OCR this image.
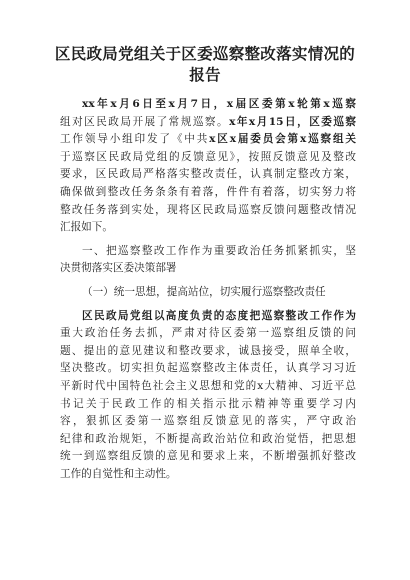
区民政局党组关于区委巡察整改落实情况的
报告
xx年x月6日至x月7日，x届区委第x轮第x巡察
组对区民政局开展了常规巡察。x年x月15日，区委巡察
工作领导小组印发了《中共x区x届委员会第x巡察组关
于巡察区民政局党组的反馈意见》，按照反馈意见及整改
要求，区民政局严格落实整改责任，认真制定整改方案，
确保做到整改任务条条有着落，件件有着落，切实努力将
整改任务落到实处，现将区民政局巡察反馈问题整改情况
汇报如下。
一、把巡察整改工作作为重要政治任务抓紧抓实，坚
决贯彻落实区委决策部署
（一）统一思想，提高站位，切实履行巡察整改责任
区民政局党组以高度负责的态度把巡察整改工作作为
重大政治任务去抓，严肃对待区委第一巡察组反馈的问
题、提出的意见建议和整改要求，诚恳接受，照单全收，
坚决整改。切实担负起巡察整改主体责任，认真学习习近
平新时代中国特色社会主义思想和党的x大精神、习近平总
书记关于民政工作的相关指示批示精神等重要学习内
容，狠抓区委第一巡察组反馈意见的落实，严守政治
纪律和政治规矩，不断提高政治站位和政治觉悟，把思想
统一到巡察组反馈的意见和要求上来，不断增强抓好整改
工作的自觉性和主动性。
